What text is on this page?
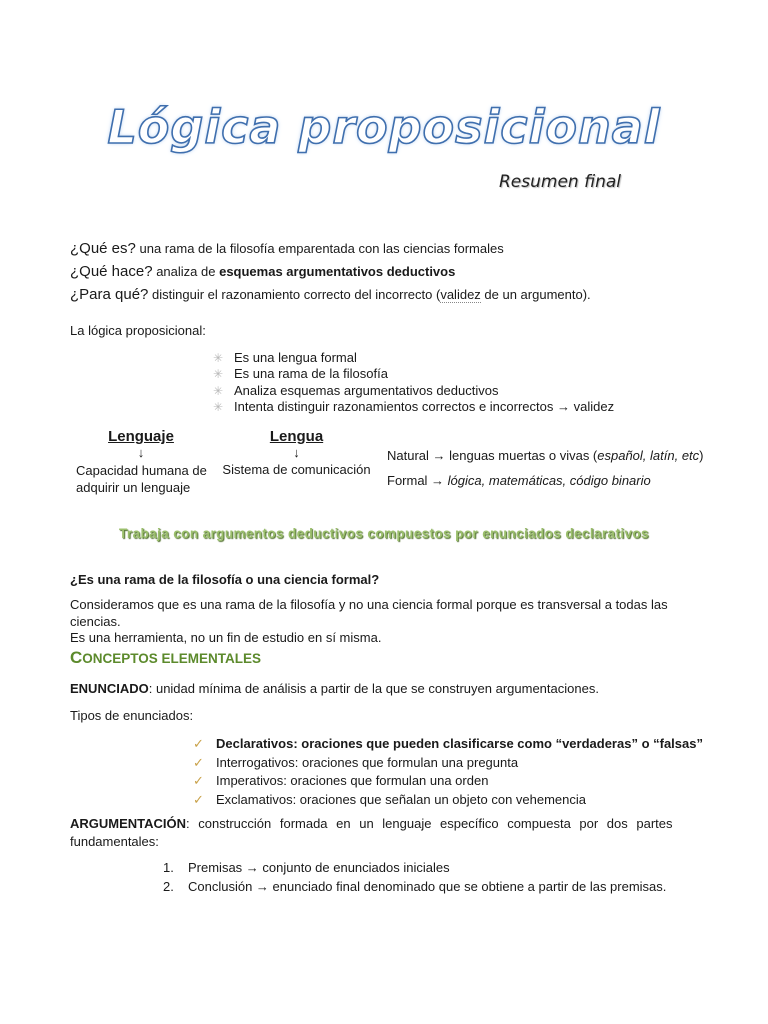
Lógica proposicional
Resumen final
¿Qué es? una rama de la filosofía emparentada con las ciencias formales
¿Qué hace? analiza de esquemas argumentativos deductivos
¿Para qué? distinguir el razonamiento correcto del incorrecto (validez de un argumento).
La lógica proposicional:
✳ Es una lengua formal
✳ Es una rama de la filosofía
✳ Analiza esquemas argumentativos deductivos
✳ Intenta distinguir razonamientos correctos e incorrectos → validez
Lenguaje
↓
Capacidad humana de
adquirir un lenguaje
Lengua
↓
Sistema de comunicación
Natural → lenguas muertas o vivas (español, latín, etc)
Formal → lógica, matemáticas, código binario
Trabaja con argumentos deductivos compuestos por enunciados declarativos
¿Es una rama de la filosofía o una ciencia formal?
Consideramos que es una rama de la filosofía y no una ciencia formal porque es transversal a todas las ciencias.
Es una herramienta, no un fin de estudio en sí misma.
CONCEPTOS ELEMENTALES
ENUNCIADO: unidad mínima de análisis a partir de la que se construyen argumentaciones.
Tipos de enunciados:
✓ Declarativos: oraciones que pueden clasificarse como “verdaderas” o “falsas”
✓ Interrogativos: oraciones que formulan una pregunta
✓ Imperativos: oraciones que formulan una orden
✓ Exclamativos: oraciones que señalan un objeto con vehemencia
ARGUMENTACIÓN: construcción formada en un lenguaje específico compuesta por dos partes
fundamentales:
1.	Premisas → conjunto de enunciados iniciales
2.	Conclusión → enunciado final denominado que se obtiene a partir de las premisas.
